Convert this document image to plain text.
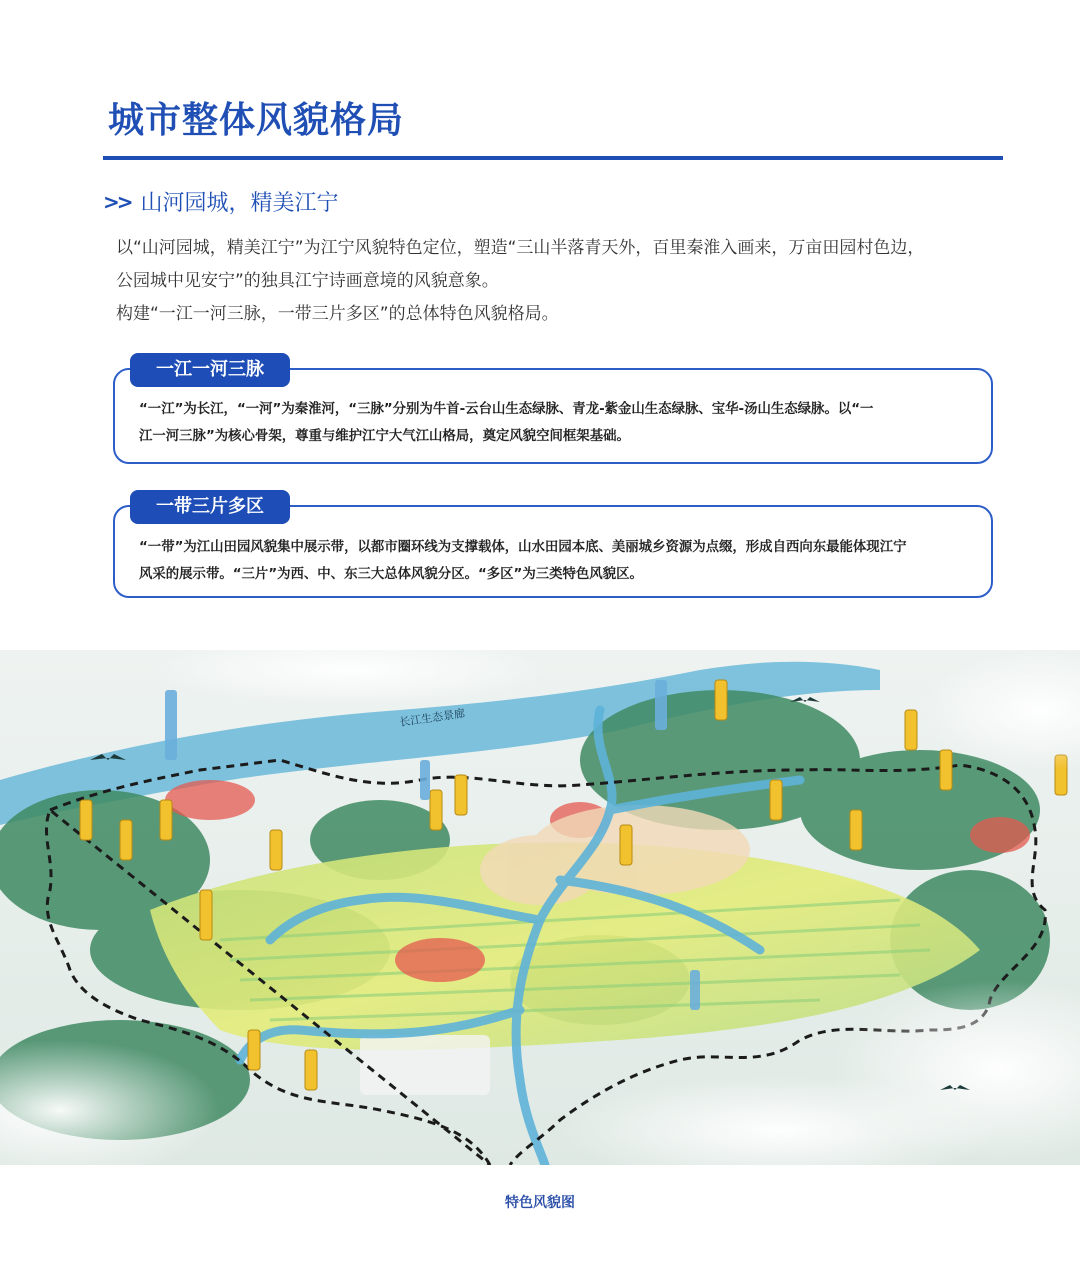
城市整体风貌格局
>> 山河园城，精美江宁
以“山河园城，精美江宁”为江宁风貌特色定位，塑造“三山半落青天外，百里秦淮入画来，万亩田园村色边，
公园城中见安宁”的独具江宁诗画意境的风貌意象。
构建“一江一河三脉，一带三片多区”的总体特色风貌格局。
一江一河三脉
“一江”为长江，“一河”为秦淮河，“三脉”分别为牛首-云台山生态绿脉、青龙-紫金山生态绿脉、宝华-汤山生态绿脉。以“一
江一河三脉”为核心骨架，尊重与维护江宁大气江山格局，奠定风貌空间框架基础。
一带三片多区
“一带”为江山田园风貌集中展示带，以都市圈环线为支撑载体，山水田园本底、美丽城乡资源为点缀，形成自西向东最能体现江宁
风采的展示带。“三片”为西、中、东三大总体风貌分区。“多区”为三类特色风貌区。
长江生态景廊
特色风貌图
